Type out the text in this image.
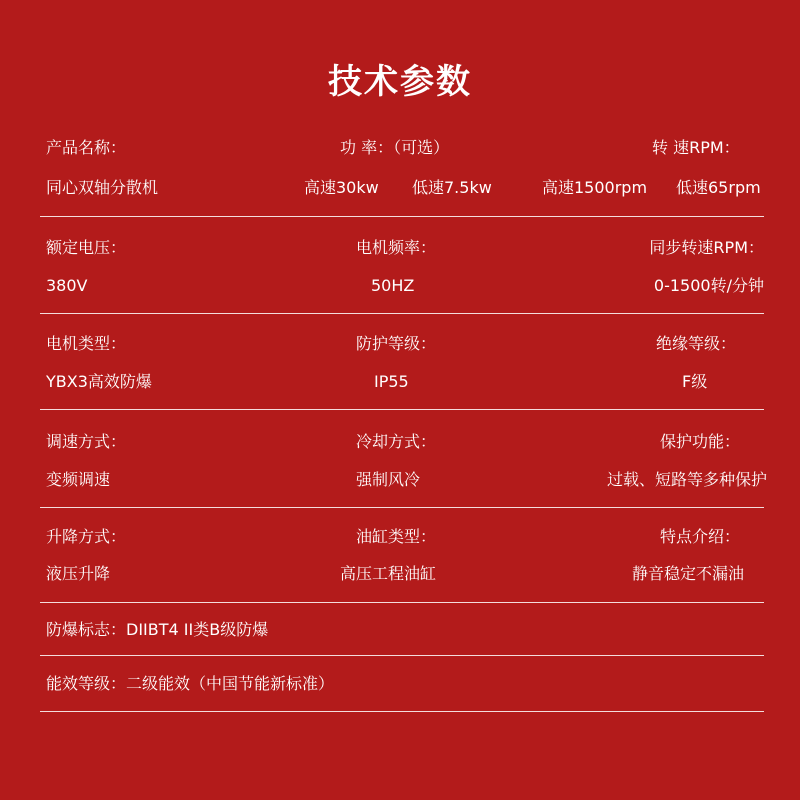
技术参数
产品名称：	功 率：（可选）	转 速RPM：
同心双轴分散机	高速30kw 低速7.5kw	高速1500rpm 低速65rpm
额定电压：	电机频率：	同步转速RPM：
380V	50HZ	0-1500转/分钟
电机类型：	防护等级：	绝缘等级：
YBX3高效防爆	IP55	F级
调速方式：	冷却方式：	保护功能：
变频调速	强制风冷	过载、短路等多种保护
升降方式：	油缸类型：	特点介绍：
液压升降	高压工程油缸	静音稳定不漏油
防爆标志：DIIBT4 II类B级防爆
能效等级：二级能效（中国节能新标准）
